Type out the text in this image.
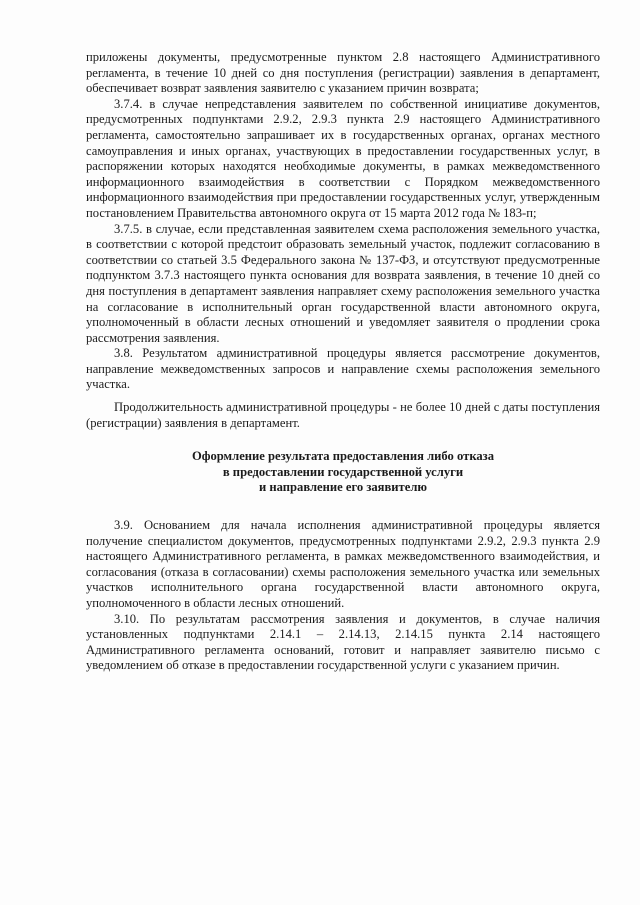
приложены документы, предусмотренные пунктом 2.8 настоящего Административного регламента, в течение 10 дней со дня поступления (регистрации) заявления в департамент, обеспечивает возврат заявления заявителю с указанием причин возврата;

3.7.4. в случае непредставления заявителем по собственной инициативе документов, предусмотренных подпунктами 2.9.2, 2.9.3 пункта 2.9 настоящего Административного регламента, самостоятельно запрашивает их в государственных органах, органах местного самоуправления и иных органах, участвующих в предоставлении государственных услуг, в распоряжении которых находятся необходимые документы, в рамках межведомственного информационного взаимодействия в соответствии с Порядком межведомственного информационного взаимодействия при предоставлении государственных услуг, утвержденным постановлением Правительства автономного округа от 15 марта 2012 года № 183-п;

3.7.5. в случае, если представленная заявителем схема расположения земельного участка, в соответствии с которой предстоит образовать земельный участок, подлежит согласованию в соответствии со статьей 3.5 Федерального закона № 137-ФЗ, и отсутствуют предусмотренные подпунктом 3.7.3 настоящего пункта основания для возврата заявления, в течение 10 дней со дня поступления в департамент заявления направляет схему расположения земельного участка на согласование в исполнительный орган государственной власти автономного округа, уполномоченный в области лесных отношений и уведомляет заявителя о продлении срока рассмотрения заявления.

3.8. Результатом административной процедуры является рассмотрение документов, направление межведомственных запросов и направление схемы расположения земельного участка.

Продолжительность административной процедуры - не более 10 дней с даты поступления (регистрации) заявления в департамент.

Оформление результата предоставления либо отказа
в предоставлении государственной услуги
и направление его заявителю

3.9. Основанием для начала исполнения административной процедуры является получение специалистом документов, предусмотренных подпунктами 2.9.2, 2.9.3 пункта 2.9 настоящего Административного регламента, в рамках межведомственного взаимодействия, и согласования (отказа в согласовании) схемы расположения земельного участка или земельных участков исполнительного органа государственной власти автономного округа, уполномоченного в области лесных отношений.

3.10. По результатам рассмотрения заявления и документов, в случае наличия установленных подпунктами 2.14.1 – 2.14.13, 2.14.15 пункта 2.14 настоящего Административного регламента оснований, готовит и направляет заявителю письмо с уведомлением об отказе в предоставлении государственной услуги с указанием причин.
